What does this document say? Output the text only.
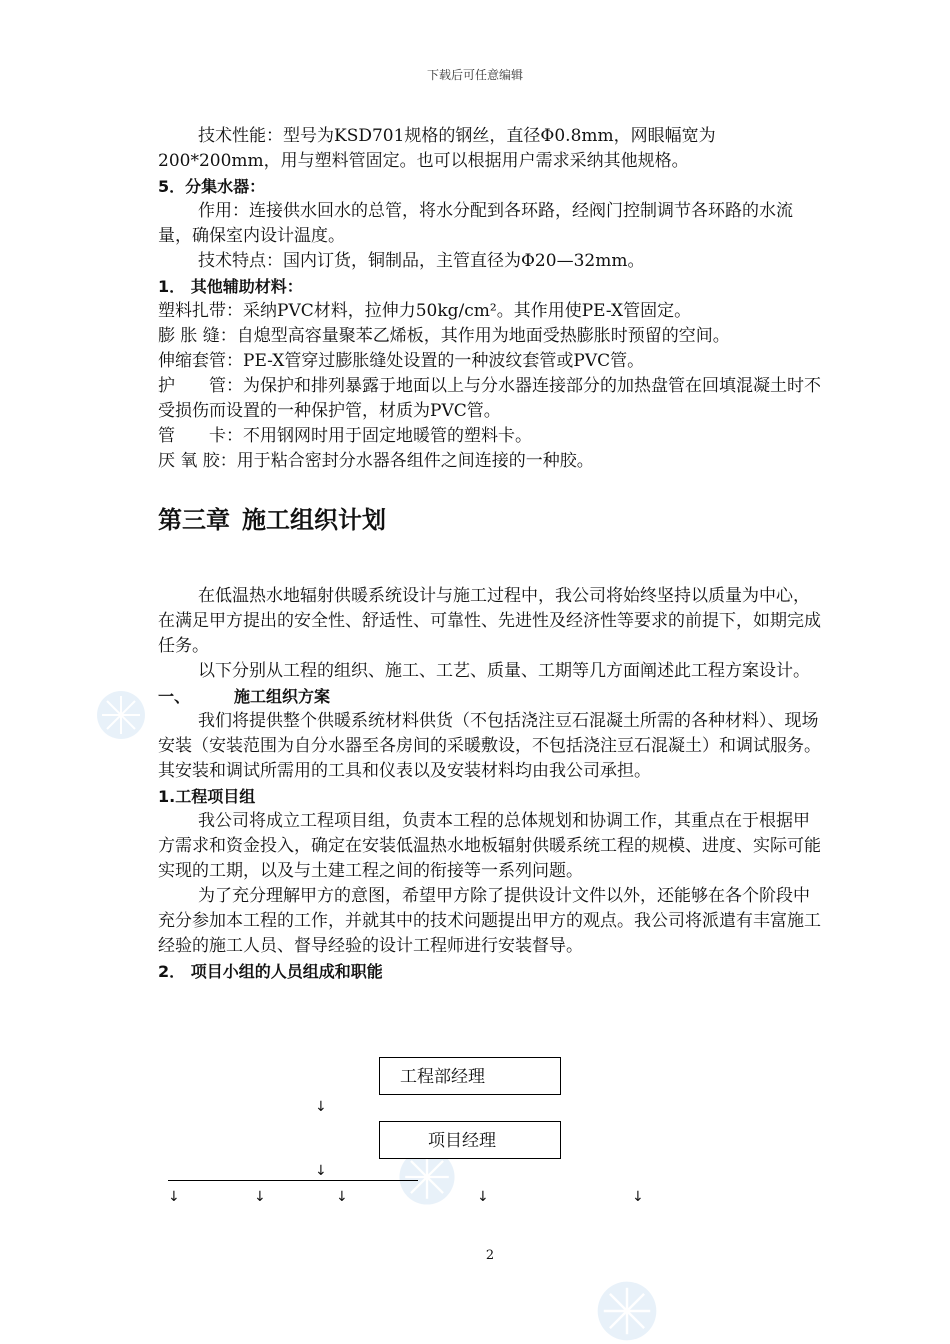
下载后可任意编辑

技术性能：型号为KSD701规格的钢丝，直径Φ0.8mm，网眼幅宽为200*200mm，用与塑料管固定。也可以根据用户需求采纳其他规格。

5．分集水器：

作用：连接供水回水的总管，将水分配到各环路，经阀门控制调节各环路的水流量，确保室内设计温度。

技术特点：国内订货，铜制品，主管直径为Φ20—32mm。

1． 其他辅助材料：

塑料扎带：采纳PVC材料，拉伸力50kg/cm²。其作用使PE-X管固定。

膨 胀 缝：自熄型高容量聚苯乙烯板，其作用为地面受热膨胀时预留的空间。

伸缩套管：PE-X管穿过膨胀缝处设置的一种波纹套管或PVC管。

护　　管：为保护和排列暴露于地面以上与分水器连接部分的加热盘管在回填混凝土时不受损伤而设置的一种保护管，材质为PVC管。

管　　卡：不用钢网时用于固定地暖管的塑料卡。

厌 氧 胶：用于粘合密封分水器各组件之间连接的一种胶。

第三章 施工组织计划

在低温热水地辐射供暖系统设计与施工过程中，我公司将始终坚持以质量为中心，在满足甲方提出的安全性、舒适性、可靠性、先进性及经济性等要求的前提下，如期完成任务。

以下分别从工程的组织、施工、工艺、质量、工期等几方面阐述此工程方案设计。

一、	施工组织方案

我们将提供整个供暖系统材料供货（不包括浇注豆石混凝土所需的各种材料）、现场安装（安装范围为自分水器至各房间的采暖敷设，不包括浇注豆石混凝土）和调试服务。其安装和调试所需用的工具和仪表以及安装材料均由我公司承担。

1.工程项目组

我公司将成立工程项目组，负责本工程的总体规划和协调工作，其重点在于根据甲方需求和资金投入，确定在安装低温热水地板辐射供暖系统工程的规模、进度、实际可能实现的工期，以及与土建工程之间的衔接等一系列问题。

为了充分理解甲方的意图，希望甲方除了提供设计文件以外，还能够在各个阶段中充分参加本工程的工作，并就其中的技术问题提出甲方的观点。我公司将派遣有丰富施工经验的施工人员、督导经验的设计工程师进行安装督导。

2． 项目小组的人员组成和职能

工程部经理
↓
项目经理
↓
↓	↓	↓	↓	↓
2
